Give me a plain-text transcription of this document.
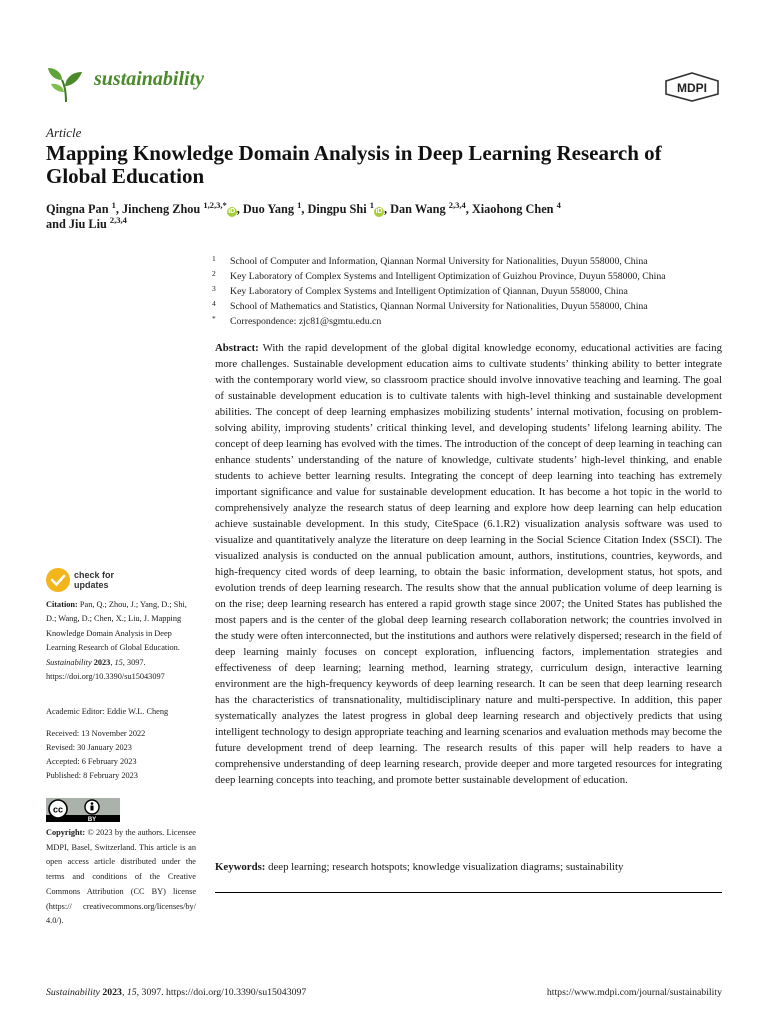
sustainability	MDPI
Article
Mapping Knowledge Domain Analysis in Deep Learning Research of Global Education
Qingna Pan $^1$, Jincheng Zhou $^{1,2,3,*}$iD , Duo Yang $^1$, Dingpu Shi $^1$iD , Dan Wang $^{2,3,4}$, Xiaohong Chen $^4$
and Jiu Liu $^{2,3,4}$
1	School of Computer and Information, Qiannan Normal University for Nationalities, Duyun 558000, China
2	Key Laboratory of Complex Systems and Intelligent Optimization of Guizhou Province, Duyun 558000, China
3	Key Laboratory of Complex Systems and Intelligent Optimization of Qiannan, Duyun 558000, China
4	School of Mathematics and Statistics, Qiannan Normal University for Nationalities, Duyun 558000, China
*	Correspondence: zjc81@sgmtu.edu.cn
Abstract: With the rapid development of the global digital knowledge economy, educational activities are facing more challenges. Sustainable development education aims to cultivate students’ thinking ability to better integrate with the contemporary world view, so classroom practice should involve innovative teaching and learning. The goal of sustainable development education is to cultivate talents with high-level thinking and sustainable development abilities. The concept of deep learning emphasizes mobilizing students’ internal motivation, focusing on problem-solving ability, improving students’ critical thinking level, and developing students’ lifelong learning ability. The concept of deep learning has evolved with the times. The introduction of the concept of deep learning in teaching can enhance students’ understanding of the nature of knowledge, cultivate students’ high-level thinking, and enable students to achieve better learning results. Integrating the concept of deep learning into teaching has extremely important significance and value for sustainable development education. It has become a hot topic in the world to comprehensively analyze the research status of deep learning and explore how deep learning can help education achieve sustainable development. In this study, CiteSpace (6.1.R2) visualization analysis software was used to visualize and quantitatively analyze the literature on deep learning in the Social Science Citation Index (SSCI). The visualized analysis is conducted on the annual publication amount, authors, institutions, countries, keywords, and high-frequency cited words of deep learning, to obtain the basic information, development status, hot spots, and evolution trends of deep learning research. The results show that the annual publication volume of deep learning is on the rise; deep learning research has entered a rapid growth stage since 2007; the United States has published the most papers and is the center of the global deep learning research collaboration network; the countries involved in the study were often interconnected, but the institutions and authors were relatively dispersed; research in the field of deep learning mainly focuses on concept exploration, influencing factors, implementation strategies and effectiveness of deep learning; learning method, learning strategy, curriculum design, interactive learning environment are the high-frequency keywords of deep learning research. It can be seen that deep learning research has the characteristics of transnationality, multidisciplinary nature and multi-perspective. In addition, this paper systematically analyzes the latest progress in global deep learning research and objectively predicts that using intelligent technology to design appropriate teaching and learning scenarios and evaluation methods may become the future development trend of deep learning. The research results of this paper will help readers to have a comprehensive understanding of deep learning research, provide deeper and more targeted resources for integrating deep learning concepts into teaching, and promote better sustainable development of education.
Keywords: deep learning; research hotspots; knowledge visualization diagrams; sustainability
check for
updates
Citation: Pan, Q.; Zhou, J.; Yang, D.; Shi, D.; Wang, D.; Chen, X.; Liu, J. Mapping Knowledge Domain Analysis in Deep Learning Research of Global Education. Sustainability 2023, 15, 3097. https://doi.org/10.3390/su15043097
Academic Editor: Eddie W.L. Cheng
Received: 13 November 2022
Revised: 30 January 2023
Accepted: 6 February 2023
Published: 8 February 2023
cc
BY
Copyright: © 2023 by the authors. Licensee MDPI, Basel, Switzerland. This article is an open access article distributed under the terms and conditions of the Creative Commons Attribution (CC BY) license (https:// creativecommons.org/licenses/by/ 4.0/).
Sustainability 2023, 15, 3097. https://doi.org/10.3390/su15043097	https://www.mdpi.com/journal/sustainability
